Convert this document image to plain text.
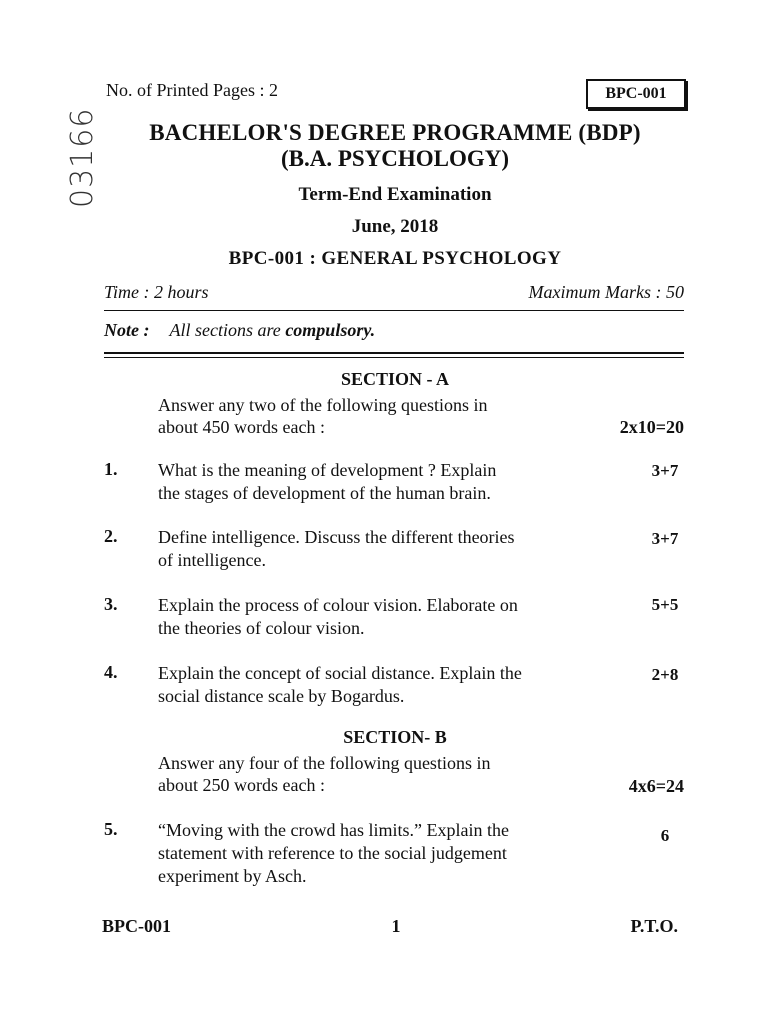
No. of Printed Pages : 2	BPC-001
03166	BACHELOR'S DEGREE PROGRAMME (BDP)
(B.A. PSYCHOLOGY)
Term-End Examination
June, 2018
BPC-001 : GENERAL PSYCHOLOGY
Time : 2 hours	Maximum Marks : 50
Note : All sections are compulsory.
SECTION - A
Answer any two of the following questions in
about 450 words each :	2x10=20
1. What is the meaning of development ? Explain
the stages of development of the human brain.
3+7
2. Define intelligence. Discuss the different theories
of intelligence.
3+7
3. Explain the process of colour vision. Elaborate on
the theories of colour vision.
5+5
4. Explain the concept of social distance. Explain the
social distance scale by Bogardus.
2+8
SECTION- B
Answer any four of the following questions in
about 250 words each :	4x6=24
5. “Moving with the crowd has limits.” Explain the
statement with reference to the social judgement
experiment by Asch.
6
BPC-001	1	P.T.O.
